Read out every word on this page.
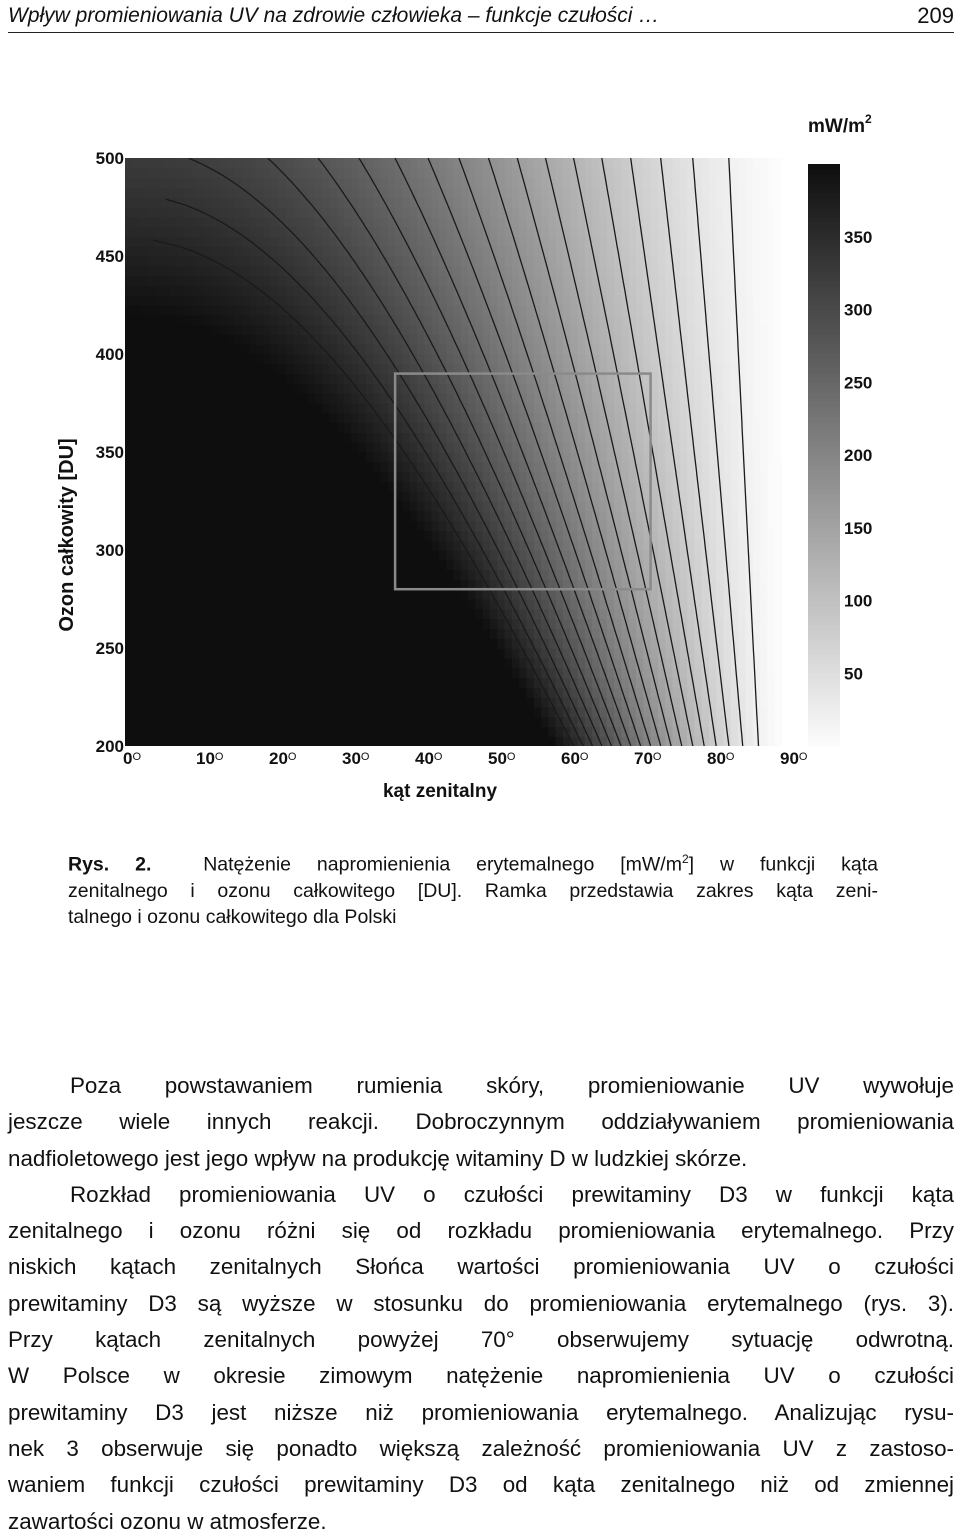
Wpływ promieniowania UV na zdrowie człowieka – funkcje czułości …	209
200
250
300
350
400
450
500
$0^O$	$10^O$	$20^O$	$30^O$	$40^O$	$50^O$	$60^O$	$70^O$	$80^O$	$90^O$
50
100
150
200
250
300
350
$mW/m^2$
Ozon całkowity [DU]
kąt zenitalny
Rys. 2.	Natężenie napromienienia erytemalnego $[mW/m^2]$ w funkcji kąta
zenitalnego i ozonu całkowitego [DU]. Ramka przedstawia zakres kąta zeni-
talnego i ozonu całkowitego dla Polski

Poza powstawaniem rumienia skóry, promieniowanie UV wywołuje
jeszcze wiele innych reakcji. Dobroczynnym oddziaływaniem promieniowania
nadfioletowego jest jego wpływ na produkcję witaminy D w ludzkiej skórze.

Rozkład promieniowania UV o czułości prewitaminy D3 w funkcji kąta
zenitalnego i ozonu różni się od rozkładu promieniowania erytemalnego. Przy
niskich kątach zenitalnych Słońca wartości promieniowania UV o czułości
prewitaminy D3 są wyższe w stosunku do promieniowania erytemalnego (rys. 3).
Przy kątach zenitalnych powyżej 70° obserwujemy sytuację odwrotną.
W Polsce w okresie zimowym natężenie napromienienia UV o czułości
prewitaminy D3 jest niższe niż promieniowania erytemalnego. Analizując rysu-
nek 3 obserwuje się ponadto większą zależność promieniowania UV z zastoso-
waniem funkcji czułości prewitaminy D3 od kąta zenitalnego niż od zmiennej
zawartości ozonu w atmosferze.
